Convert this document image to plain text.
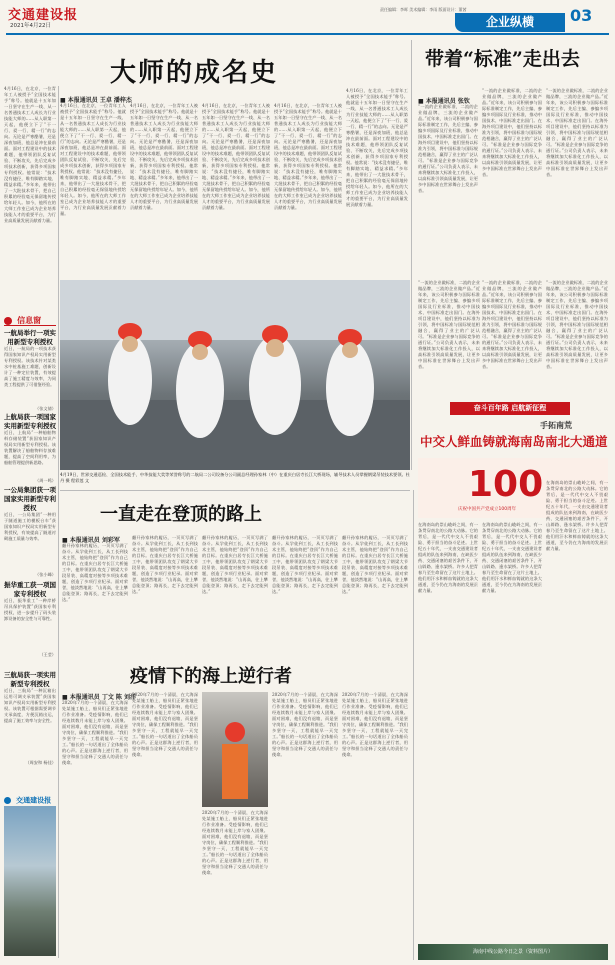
交通建设报
2021年4月22日
责任编辑：李晖 美术编辑：李雨 版面设计：董茜
企业纵横	03
大师的成名史
■ 本报通讯员 王卓 潘梓杰
4月16日，在北京，一位青年工人被授予“全国技术能手”称号。他就是十五年如一日坚守在生产一线、从一名普通技术工人成长为行业技能大师的……从入职第一天起，他便立下了“干一行、爱一行、精一行”的志向。无论是严寒酷暑，还是深夜加班，他总是冲在最前面。面对工程建设中的技术难题，他带领团队反复试验、不断攻关，先后完成多项技术创新，获得多项国家专利授权。他常说：“技术没有捷径，唯有脚踏实地、精益求精。”多年来，他带出了一大批技术骨干，把自己积累的经验毫无保留地传授给年轻人。如今，他所在的大师工作室已成为企业培养技能人才的重要平台，为行业高质量发展贡献着力量。
4月16日，在北京，一位青年工人被授予“全国技术能手”称号。他就是十五年如一日坚守在生产一线、从一名普通技术工人成长为行业技能大师的……从入职第一天起，他便立下了“干一行、爱一行、精一行”的志向。无论是严寒酷暑，还是深夜加班，他总是冲在最前面。面对工程建设中的技术难题，他带领团队反复试验、不断攻关，先后完成多项技术创新，获得多项国家专利授权。他常说：“技术没有捷径，唯有脚踏实地、精益求精。”多年来，他带出了一大批技术骨干，把自己积累的经验毫无保留地传授给年轻人。如今，他所在的大师工作室已成为企业培养技能人才的重要平台，为行业高质量发展贡献着力量。
4月16日，在北京，一位青年工人被授予“全国技术能手”称号。他就是十五年如一日坚守在生产一线、从一名普通技术工人成长为行业技能大师的……从入职第一天起，他便立下了“干一行、爱一行、精一行”的志向。无论是严寒酷暑，还是深夜加班，他总是冲在最前面。面对工程建设中的技术难题，他带领团队反复试验、不断攻关，先后完成多项技术创新，获得多项国家专利授权。他常说：“技术没有捷径，唯有脚踏实地、精益求精。”多年来，他带出了一大批技术骨干，把自己积累的经验毫无保留地传授给年轻人。如今，他所在的大师工作室已成为企业培养技能人才的重要平台，为行业高质量发展贡献着力量。
4月16日，在北京，一位青年工人被授予“全国技术能手”称号。他就是十五年如一日坚守在生产一线、从一名普通技术工人成长为行业技能大师的……从入职第一天起，他便立下了“干一行、爱一行、精一行”的志向。无论是严寒酷暑，还是深夜加班，他总是冲在最前面。面对工程建设中的技术难题，他带领团队反复试验、不断攻关，先后完成多项技术创新，获得多项国家专利授权。他常说：“技术没有捷径，唯有脚踏实地、精益求精。”多年来，他带出了一大批技术骨干，把自己积累的经验毫无保留地传授给年轻人。如今，他所在的大师工作室已成为企业培养技能人才的重要平台，为行业高质量发展贡献着力量。
4月16日，在北京，一位青年工人被授予“全国技术能手”称号。他就是十五年如一日坚守在生产一线、从一名普通技术工人成长为行业技能大师的……从入职第一天起，他便立下了“干一行、爱一行、精一行”的志向。无论是严寒酷暑，还是深夜加班，他总是冲在最前面。面对工程建设中的技术难题，他带领团队反复试验、不断攻关，先后完成多项技术创新，获得多项国家专利授权。他常说：“技术没有捷径，唯有脚踏实地、精益求精。”多年来，他带出了一大批技术骨干，把自己积累的经验毫无保留地传授给年轻人。如今，他所在的大师工作室已成为企业培养技能人才的重要平台，为行业高质量发展贡献着力量。
带着“标准”走出去
■ 本报通讯员 张钦
“一流的企业做标准，二流的企业做品牌，三流的企业做产品。”近年来，该公司积极参与国际标准制定工作，先后主编、参编多项国际及行业标准，推动中国技术、中国标准走出国门。在海外项目建设中，他们坚持以标准为引领，将中国标准与国际规范相融合，赢得了业主的广泛认可。“标准是企业参与国际竞争的通行证。”公司负责人表示，未来将继续加大标准化工作投入，以高标准引领高质量发展，让更多中国标准在世界舞台上发出声音。
“一流的企业做标准，二流的企业做品牌，三流的企业做产品。”近年来，该公司积极参与国际标准制定工作，先后主编、参编多项国际及行业标准，推动中国技术、中国标准走出国门。在海外项目建设中，他们坚持以标准为引领，将中国标准与国际规范相融合，赢得了业主的广泛认可。“标准是企业参与国际竞争的通行证。”公司负责人表示，未来将继续加大标准化工作投入，以高标准引领高质量发展，让更多中国标准在世界舞台上发出声音。
“一流的企业做标准，二流的企业做品牌，三流的企业做产品。”近年来，该公司积极参与国际标准制定工作，先后主编、参编多项国际及行业标准，推动中国技术、中国标准走出国门。在海外项目建设中，他们坚持以标准为引领，将中国标准与国际规范相融合，赢得了业主的广泛认可。“标准是企业参与国际竞争的通行证。”公司负责人表示，未来将继续加大标准化工作投入，以高标准引领高质量发展，让更多中国标准在世界舞台上发出声音。
4月16日，在北京，一位青年工人被授予“全国技术能手”称号。他就是十五年如一日坚守在生产一线、从一名普通技术工人成长为行业技能大师的……从入职第一天起，他便立下了“干一行、爱一行、精一行”的志向。无论是严寒酷暑，还是深夜加班，他总是冲在最前面。面对工程建设中的技术难题，他带领团队反复试验、不断攻关，先后完成多项技术创新，获得多项国家专利授权。他常说：“技术没有捷径，唯有脚踏实地、精益求精。”多年来，他带出了一大批技术骨干，把自己积累的经验毫无保留地传授给年轻人。如今，他所在的大师工作室已成为企业培养技能人才的重要平台，为行业高质量发展贡献着力量。
信息窗
一航局举行一项实用新型专利授权
近日，一航局的一项技术获得国家知识产权局实用新型专利授权。该技术针对某类水中桩基施工难题，创新设计了一种定位装置，有效提高了施工精度与效率，为同类工程提供了可借鉴经验。
（张文倩）
上航局获一项国家实用新型专利授权
近日，上航局“一种船舶物料存储装置”获国家知识产权局实用新型专利授权。该装置解决了船舶物料存放难题，提高了空间利用率，为船舶管理提供新思路。
（周一鸣）
一公局集团获一项国家实用新型专利授权
近日，一公局集团“一种用于隧道施工的模板台车”获国家知识产权局实用新型专利授权，有效提高了隧道衬砌施工质量与效率。
（张小峰）
振华重工获一项国家专利授权
近日，振华重工“一种岸桥吊具保护装置”获国家专利授权，进一步提升了码头装卸设备的安全性与可靠性。
（王莹）
三航局获一项实用新型专利授权
近日，三航局“一种沉箱出运用可调支承装置”获国家知识产权局实用新型专利授权。该装置可根据需要调节支承高度，方便沉箱出运，提高了施工效率与安全性。
（周安和 杨佳）
交通建设报
4月19日，世界交通巡检、全国技术能手、中华技能大奖等荣誉称号的二航局二公司设备分公司副总经理孙家林（中）在重庆白居寺长江大桥现场，辅导技术人员掌握钢梁吊装技术要领。杜 丹 摄 程彩莲 文
“一流的企业做标准，二流的企业做品牌，三流的企业做产品。”近年来，该公司积极参与国际标准制定工作，先后主编、参编多项国际及行业标准，推动中国技术、中国标准走出国门。在海外项目建设中，他们坚持以标准为引领，将中国标准与国际规范相融合，赢得了业主的广泛认可。“标准是企业参与国际竞争的通行证。”公司负责人表示，未来将继续加大标准化工作投入，以高标准引领高质量发展，让更多中国标准在世界舞台上发出声音。
“一流的企业做标准，二流的企业做品牌，三流的企业做产品。”近年来，该公司积极参与国际标准制定工作，先后主编、参编多项国际及行业标准，推动中国技术、中国标准走出国门。在海外项目建设中，他们坚持以标准为引领，将中国标准与国际规范相融合，赢得了业主的广泛认可。“标准是企业参与国际竞争的通行证。”公司负责人表示，未来将继续加大标准化工作投入，以高标准引领高质量发展，让更多中国标准在世界舞台上发出声音。
“一流的企业做标准，二流的企业做品牌，三流的企业做产品。”近年来，该公司积极参与国际标准制定工作，先后主编、参编多项国际及行业标准，推动中国技术、中国标准走出国门。在海外项目建设中，他们坚持以标准为引领，将中国标准与国际规范相融合，赢得了业主的广泛认可。“标准是企业参与国际竞争的通行证。”公司负责人表示，未来将继续加大标准化工作投入，以高标准引领高质量发展，让更多中国标准在世界舞台上发出声音。
奋斗百年路 启航新征程
手拓南荒
中交人鲜血铸就海南岛南北大通道
100
庆祝中国共产党成立100周年
在海南岛的崇山峻岭之间，有一条贯穿南北的公路大动脉。它的背后，是一代代中交人不畏艰险、勇于担当的奋斗足迹。上世纪五十年代，一支由交通建设者组成的队伍来到海南，在缺医少药、交通闭塞的艰苦条件下，开山辟路、逢水架桥。许多人把青春乃至生命留在了这片土地上。他们用汗水和鲜血铸就的这条大通道，至今仍在为海南的发展贡献力量。
在海南岛的崇山峻岭之间，有一条贯穿南北的公路大动脉。它的背后，是一代代中交人不畏艰险、勇于担当的奋斗足迹。上世纪五十年代，一支由交通建设者组成的队伍来到海南，在缺医少药、交通闭塞的艰苦条件下，开山辟路、逢水架桥。许多人把青春乃至生命留在了这片土地上。他们用汗水和鲜血铸就的这条大通道，至今仍在为海南的发展贡献力量。
在海南岛的崇山峻岭之间，有一条贯穿南北的公路大动脉。它的背后，是一代代中交人不畏艰险、勇于担当的奋斗足迹。上世纪五十年代，一支由交通建设者组成的队伍来到海南，在缺医少药、交通闭塞的艰苦条件下，开山辟路、逢水架桥。许多人把青春乃至生命留在了这片土地上。他们用汗水和鲜血铸就的这条大通道，至今仍在为海南的发展贡献力量。
一直走在登顶的路上
■ 本报通讯员 刘彩军
翻开孙家林的履历，一页页写满了奋斗。从学徒到工长，从工长到技术主管，他始终把“登顶”作为自己的目标。在重庆白居寺长江大桥施工中，他带领团队攻克了钢梁大节段吊装、高精度对接等多项技术难题，创造了多项行业纪录。面对荣誉，他淡然地说：“山再高，往上攀总能登顶；路再长，走下去定能到达。”
翻开孙家林的履历，一页页写满了奋斗。从学徒到工长，从工长到技术主管，他始终把“登顶”作为自己的目标。在重庆白居寺长江大桥施工中，他带领团队攻克了钢梁大节段吊装、高精度对接等多项技术难题，创造了多项行业纪录。面对荣誉，他淡然地说：“山再高，往上攀总能登顶；路再长，走下去定能到达。”
翻开孙家林的履历，一页页写满了奋斗。从学徒到工长，从工长到技术主管，他始终把“登顶”作为自己的目标。在重庆白居寺长江大桥施工中，他带领团队攻克了钢梁大节段吊装、高精度对接等多项技术难题，创造了多项行业纪录。面对荣誉，他淡然地说：“山再高，往上攀总能登顶；路再长，走下去定能到达。”
翻开孙家林的履历，一页页写满了奋斗。从学徒到工长，从工长到技术主管，他始终把“登顶”作为自己的目标。在重庆白居寺长江大桥施工中，他带领团队攻克了钢梁大节段吊装、高精度对接等多项技术难题，创造了多项行业纪录。面对荣誉，他淡然地说：“山再高，往上攀总能登顶；路再长，走下去定能到达。”
翻开孙家林的履历，一页页写满了奋斗。从学徒到工长，从工长到技术主管，他始终把“登顶”作为自己的目标。在重庆白居寺长江大桥施工中，他带领团队攻克了钢梁大节段吊装、高精度对接等多项技术难题，创造了多项行业纪录。面对荣誉，他淡然地说：“山再高，往上攀总能登顶；路再长，走下去定能到达。”
疫情下的海上逆行者
■ 本报通讯员 丁文 陈 刘洋
2020年7月的一个清晨，在大海深处某施工船上，船员们正紧张地进行作业准备。受疫情影响，他们已经连续数月未能上岸与家人团聚。面对困难，他们没有退缩，而是坚守岗位，确保工程顺利推进。“我们多坚守一天，工程就能早一天完工。”船长的一句话道出了全体船员的心声。正是这群海上逆行者，用坚守和担当诠释了交通人的责任与使命。
2020年7月的一个清晨，在大海深处某施工船上，船员们正紧张地进行作业准备。受疫情影响，他们已经连续数月未能上岸与家人团聚。面对困难，他们没有退缩，而是坚守岗位，确保工程顺利推进。“我们多坚守一天，工程就能早一天完工。”船长的一句话道出了全体船员的心声。正是这群海上逆行者，用坚守和担当诠释了交通人的责任与使命。
2020年7月的一个清晨，在大海深处某施工船上，船员们正紧张地进行作业准备。受疫情影响，他们已经连续数月未能上岸与家人团聚。面对困难，他们没有退缩，而是坚守岗位，确保工程顺利推进。“我们多坚守一天，工程就能早一天完工。”船长的一句话道出了全体船员的心声。正是这群海上逆行者，用坚守和担当诠释了交通人的责任与使命。
2020年7月的一个清晨，在大海深处某施工船上，船员们正紧张地进行作业准备。受疫情影响，他们已经连续数月未能上岸与家人团聚。面对困难，他们没有退缩，而是坚守岗位，确保工程顺利推进。“我们多坚守一天，工程就能早一天完工。”船长的一句话道出了全体船员的心声。正是这群海上逆行者，用坚守和担当诠释了交通人的责任与使命。
2020年7月的一个清晨，在大海深处某施工船上，船员们正紧张地进行作业准备。受疫情影响，他们已经连续数月未能上岸与家人团聚。面对困难，他们没有退缩，而是坚守岗位，确保工程顺利推进。“我们多坚守一天，工程就能早一天完工。”船长的一句话道出了全体船员的心声。正是这群海上逆行者，用坚守和担当诠释了交通人的责任与使命。
海南中线公路今日之景（资料图片）
